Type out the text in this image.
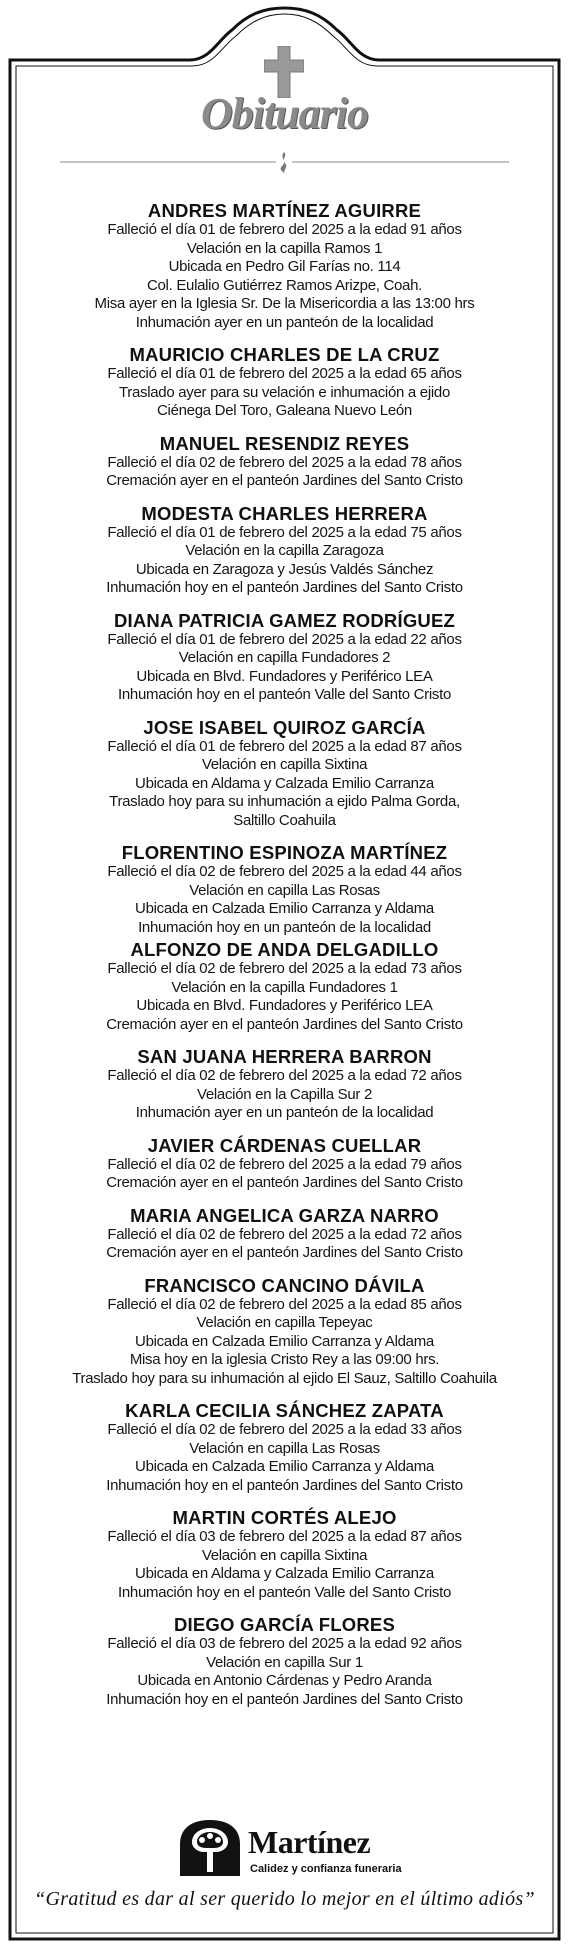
Obituario
ANDRES MARTÍNEZ AGUIRRE
Falleció el día 01 de febrero del 2025 a la edad 91 años
Velación en la capilla Ramos 1
Ubicada en Pedro Gil Farías no. 114
Col. Eulalio Gutiérrez Ramos Arizpe, Coah.
Misa ayer en la Iglesia Sr. De la Misericordia a las 13:00 hrs
Inhumación ayer en un panteón de la localidad
MAURICIO CHARLES DE LA CRUZ
Falleció el día 01 de febrero del 2025 a la edad 65 años
Traslado ayer para su velación e inhumación a ejido
Ciénega Del Toro, Galeana Nuevo León
MANUEL RESENDIZ REYES
Falleció el día 02 de febrero del 2025 a la edad 78 años
Cremación ayer en el panteón Jardines del Santo Cristo
MODESTA CHARLES HERRERA
Falleció el día 01 de febrero del 2025 a la edad 75 años
Velación en la capilla Zaragoza
Ubicada en Zaragoza y Jesús Valdés Sánchez
Inhumación hoy en el panteón Jardines del Santo Cristo
DIANA PATRICIA GAMEZ RODRÍGUEZ
Falleció el día 01 de febrero del 2025 a la edad 22 años
Velación en capilla Fundadores 2
Ubicada en Blvd. Fundadores y Periférico LEA
Inhumación hoy en el panteón Valle del Santo Cristo
JOSE ISABEL QUIROZ GARCÍA
Falleció el día 01 de febrero del 2025 a la edad 87 años
Velación en capilla Sixtina
Ubicada en Aldama y Calzada Emilio Carranza
Traslado hoy para su inhumación a ejido Palma Gorda,
Saltillo Coahuila
FLORENTINO ESPINOZA MARTÍNEZ
Falleció el día 02 de febrero del 2025 a la edad 44 años
Velación en capilla Las Rosas
Ubicada en Calzada Emilio Carranza y Aldama
Inhumación hoy en un panteón de la localidad
ALFONZO DE ANDA DELGADILLO
Falleció el día 02 de febrero del 2025 a la edad 73 años
Velación en la capilla Fundadores 1
Ubicada en Blvd. Fundadores y Periférico LEA
Cremación ayer en el panteón Jardines del Santo Cristo
SAN JUANA HERRERA BARRON
Falleció el día 02 de febrero del 2025 a la edad 72 años
Velación en la Capilla Sur 2
Inhumación ayer en un panteón de la localidad
JAVIER CÁRDENAS CUELLAR
Falleció el día 02 de febrero del 2025 a la edad 79 años
Cremación ayer en el panteón Jardines del Santo Cristo
MARIA ANGELICA GARZA NARRO
Falleció el día 02 de febrero del 2025 a la edad 72 años
Cremación ayer en el panteón Jardines del Santo Cristo
FRANCISCO CANCINO DÁVILA
Falleció el día 02 de febrero del 2025 a la edad 85 años
Velación en capilla Tepeyac
Ubicada en Calzada Emilio Carranza y Aldama
Misa hoy en la iglesia Cristo Rey a las 09:00 hrs.
Traslado hoy para su inhumación al ejido El Sauz, Saltillo Coahuila
KARLA CECILIA SÁNCHEZ ZAPATA
Falleció el día 02 de febrero del 2025 a la edad 33 años
Velación en capilla Las Rosas
Ubicada en Calzada Emilio Carranza y Aldama
Inhumación hoy en el panteón Jardines del Santo Cristo
MARTIN CORTÉS ALEJO
Falleció el día 03 de febrero del 2025 a la edad 87 años
Velación en capilla Sixtina
Ubicada en Aldama y Calzada Emilio Carranza
Inhumación hoy en el panteón Valle del Santo Cristo
DIEGO GARCÍA FLORES
Falleció el día 03 de febrero del 2025 a la edad 92 años
Velación en capilla Sur 1
Ubicada en Antonio Cárdenas y Pedro Aranda
Inhumación hoy en el panteón Jardines del Santo Cristo
Martínez
Calidez y confianza funeraria
“Gratitud es dar al ser querido lo mejor en el último adiós”
